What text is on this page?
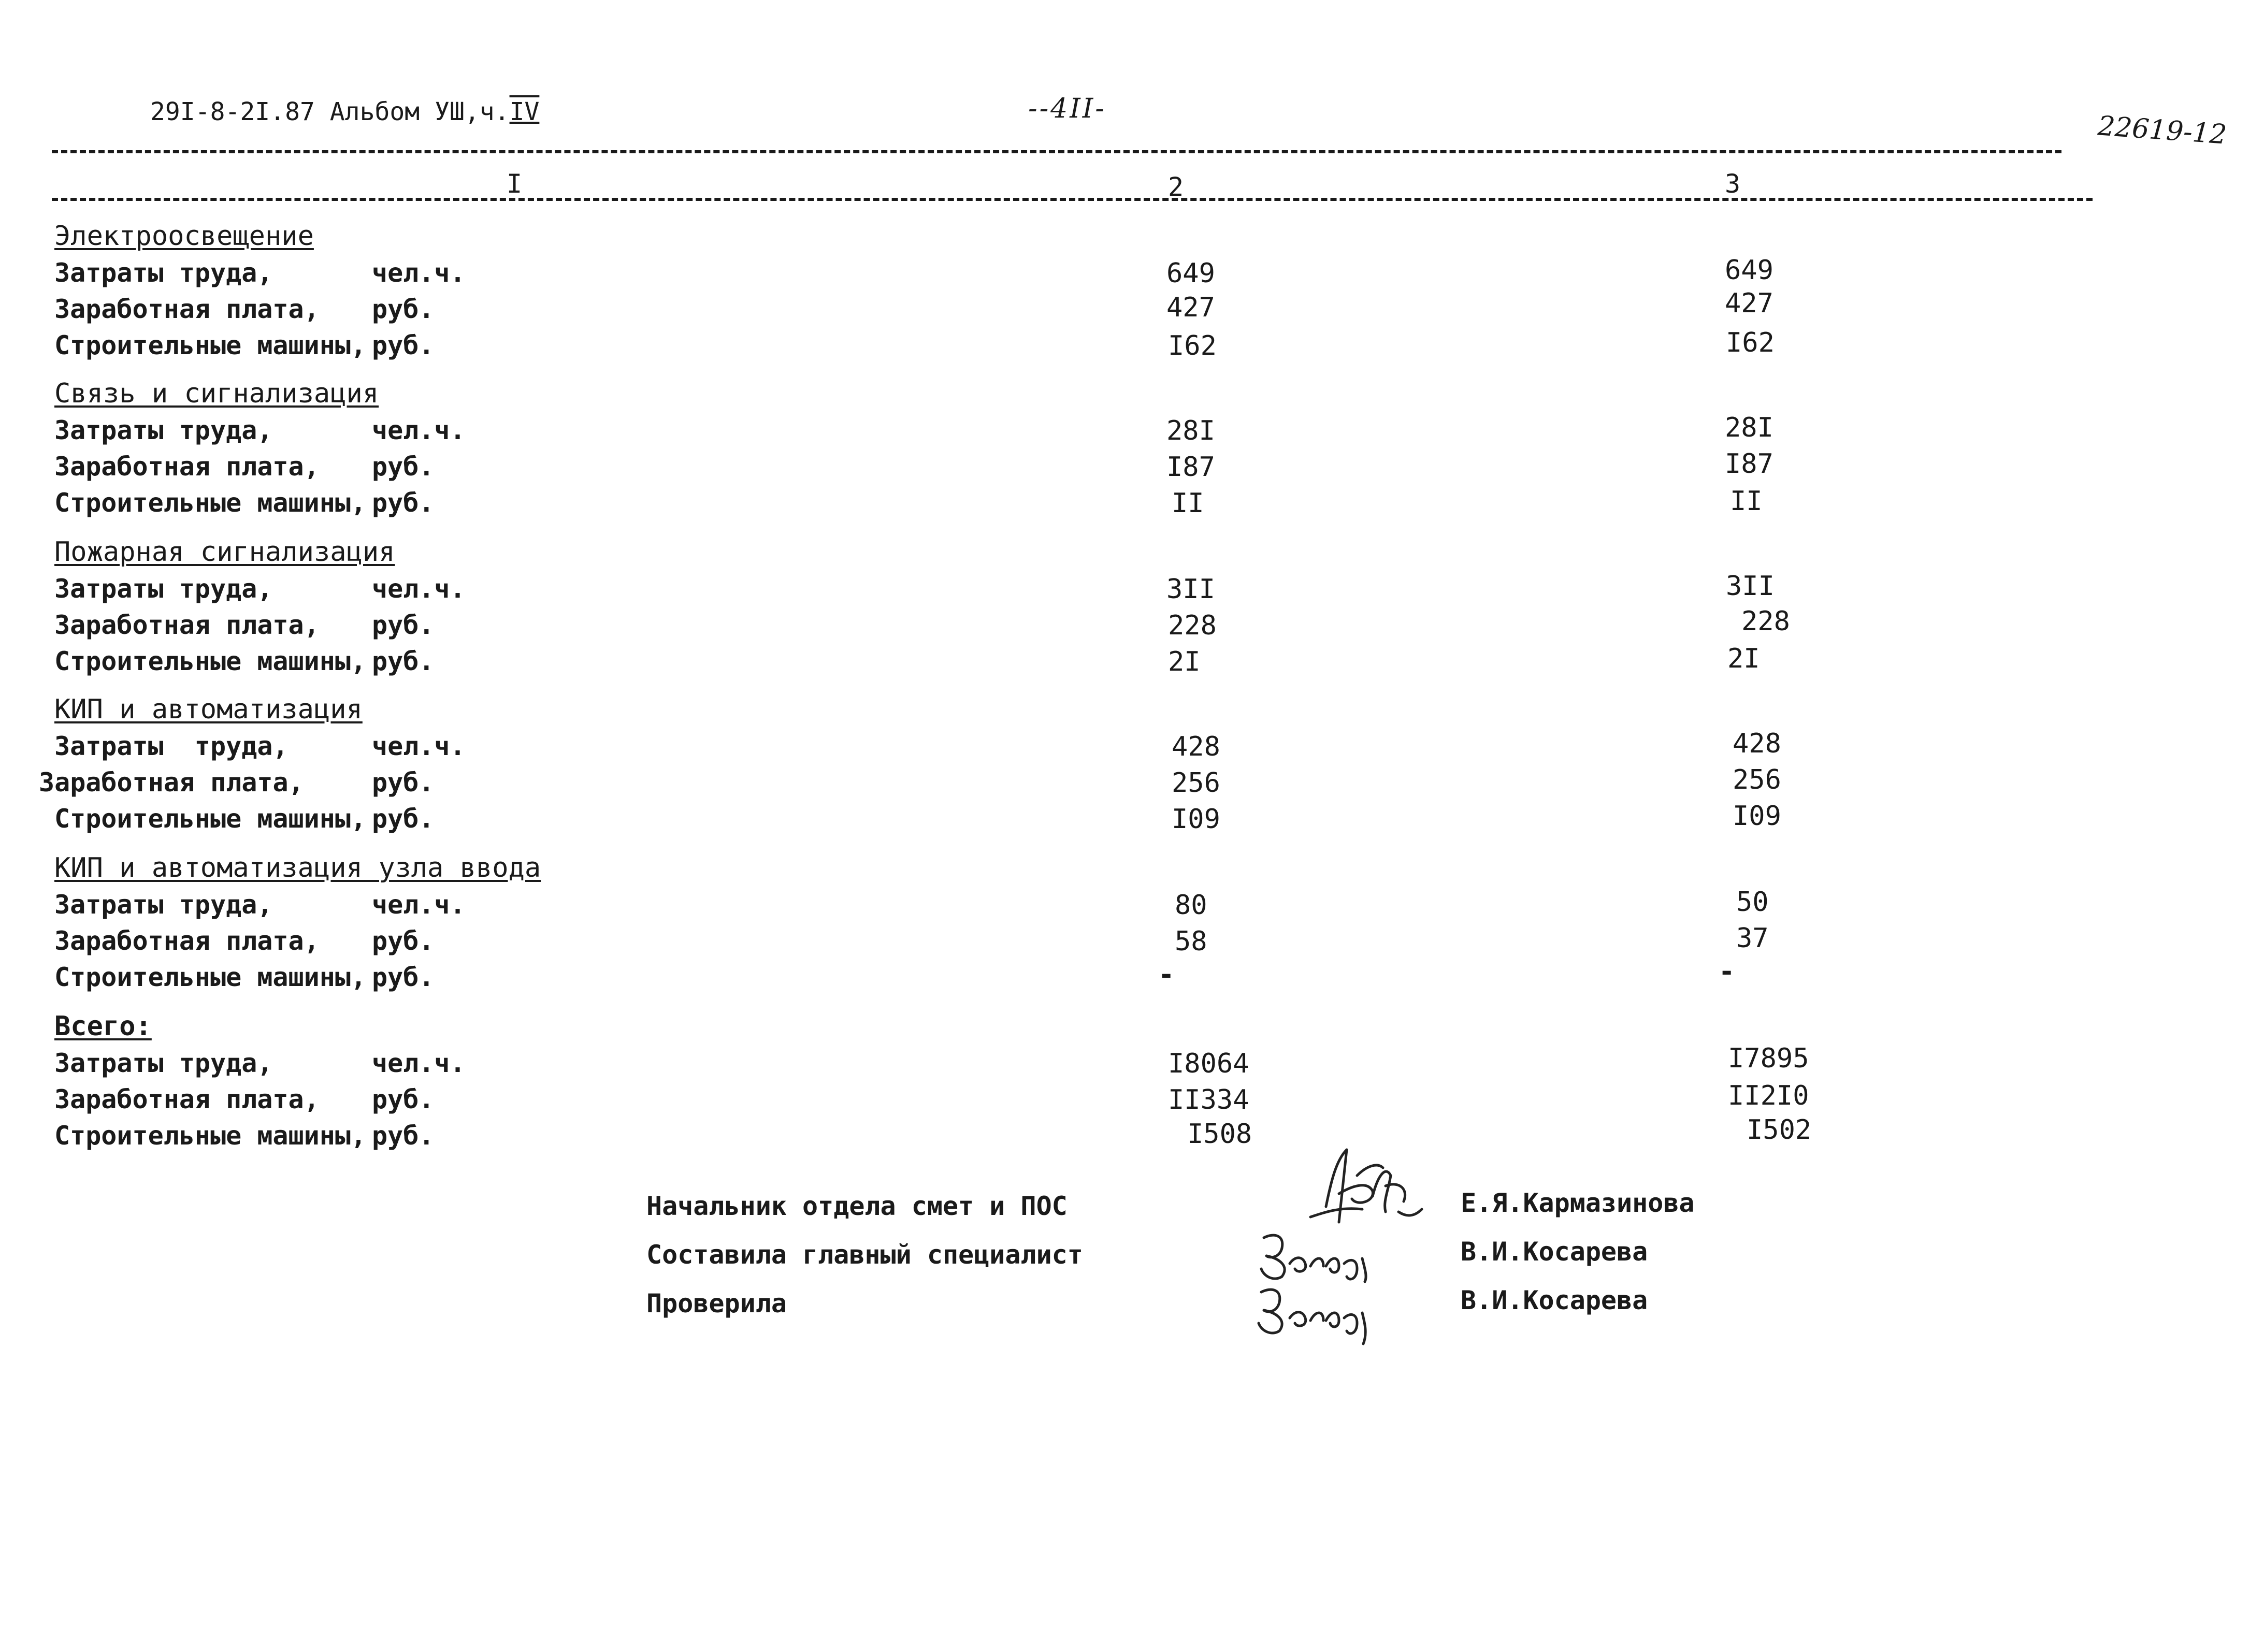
29I-8-2I.87 Альбом УШ,ч.IV	--4II-
22619-12
I	2	3
Электроосвещение
Затраты труда,	чел.ч.	649	649
Заработная плата, руб.	427	427
Строительные машины, руб.	I62	I62
Связь и сигнализация
Затраты труда,	чел.ч.	28I	28I
Заработная плата, руб.	I87	I87
Строительные машины, руб.	II	II
Пожарная сигнализация
Затраты труда,	чел.ч.	3II	3II
Заработная плата, руб.	228	228
Строительные машины, руб.	2I	2I
КИП и автоматизация
Затраты  труда,	чел.ч.	428	428
Заработная плата,	руб.	256	256
Строительные машины, руб.	I09	I09
КИП и автоматизация узла ввода
Затраты труда,	чел.ч.	80	50
Заработная плата, руб.	58	37
Строительные машины, руб.	-	-
Всего:
Затраты труда,	чел.ч.	I8064	I7895
Заработная плата, руб.	II334	II2I0
Строительные машины, руб.	I508	I502
Начальник отдела смет и ПОС	Е.Я.Кармазинова
Составила главный специалист	В.И.Косарева
Проверила	В.И.Косарева
